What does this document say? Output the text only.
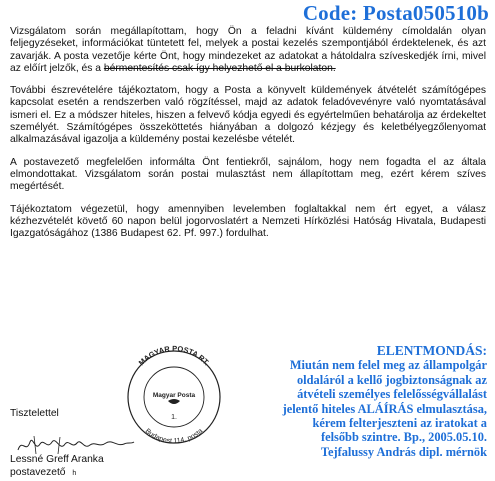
Code: Posta050510b

Vizsgálatom során megállapítottam, hogy Ön a feladni kívánt küldemény címoldalán olyan feljegyzéseket, információkat tüntetett fel, melyek a postai kezelés szempontjából érdektelenek, és azt zavarják. A posta vezetője kérte Önt, hogy mindezeket az adatokat a hátoldalra szíveskedjék írni, mivel az előírt jelzők, és a bérmentesítés csak így helyezhető el a burkolaton.

További észrevételére tájékoztatom, hogy a Posta a könyvelt küldemények átvételét számítógépes kapcsolat esetén a rendszerben való rögzítéssel, majd az adatok feladóvevényre való nyomtatásával ismeri el. Ez a módszer hiteles, hiszen a felvevő kódja egyedi és egyértelműen behatárolja az érdekeltet személyét. Számítógépes összeköttetés hiányában a dolgozó kézjegy és keletbélyegzőlenyomat alkalmazásával igazolja a küldemény postai kezelésbe vételét.

A postavezető megfelelően informálta Önt fentiekről, sajnálom, hogy nem fogadta el az általa elmondottakat. Vizsgálatom során postai mulasztást nem állapítottam meg, ezért kérem szíves megértését.

Tájékoztatom végezetül, hogy amennyiben levelemben foglaltakkal nem ért egyet, a válasz kézhezvételét követő 60 napon belül jogorvoslatért a Nemzeti Hírközlési Hatóság Hivatala, Budapesti Igazgatóságához (1386 Budapest 62. Pf. 997.) fordulhat.

Tisztelettel
Lessné Greff Aranka
postavezető h
MAGYAR POSTA RT.
Magyar Posta
1.
Budapest 114. posta
ELENTMONDÁS:
Miután nem felel meg az állampolgár
oldaláról a kellő jogbiztonságnak az
átvételi személyes felelősségvállalást
jelentő hiteles ALÁÍRÁS elmulasztása,
kérem felterjeszteni az iratokat a
felsőbb szintre. Bp., 2005.05.10.
Tejfalussy András dipl. mérnök
